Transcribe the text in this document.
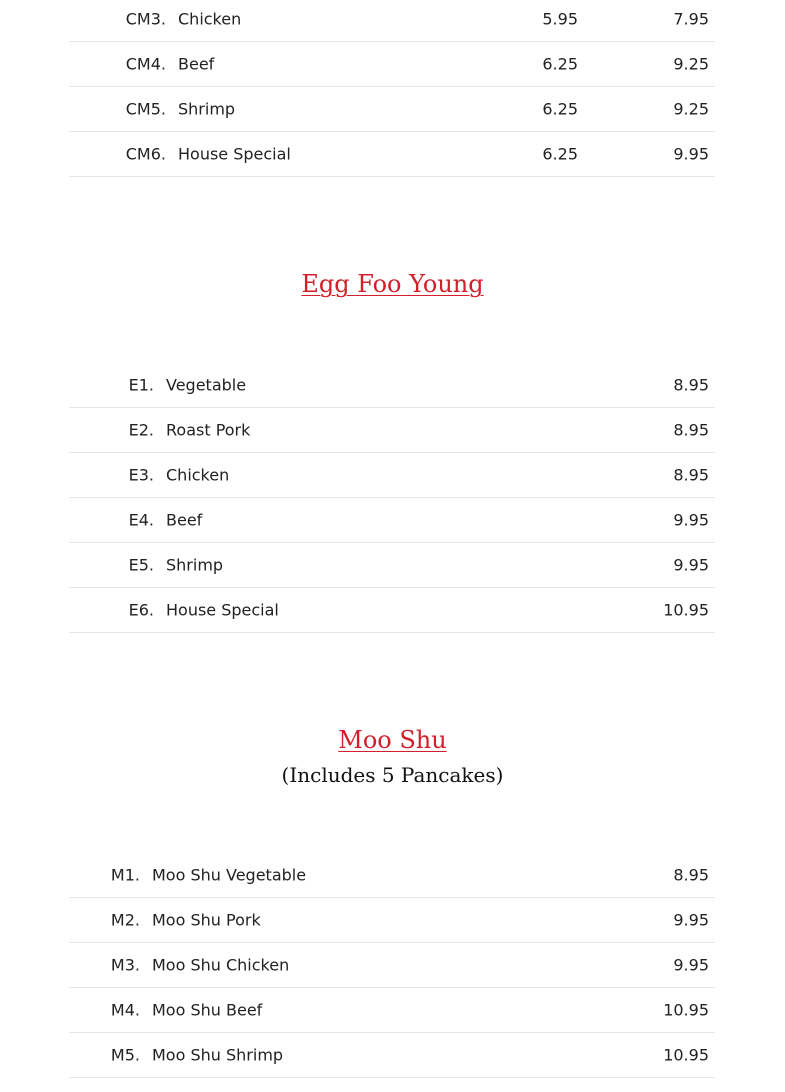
CM3. Chicken	5.95	7.95
CM4. Beef	6.25	9.25
CM5. Shrimp	6.25	9.25
CM6. House Special	6.25	9.95
Egg Foo Young
E1. Vegetable	8.95
E2. Roast Pork	8.95
E3. Chicken	8.95
E4. Beef	9.95
E5. Shrimp	9.95
E6. House Special	10.95
Moo Shu
(Includes 5 Pancakes)
M1. Moo Shu Vegetable	8.95
M2. Moo Shu Pork	9.95
M3. Moo Shu Chicken	9.95
M4. Moo Shu Beef	10.95
M5. Moo Shu Shrimp	10.95
